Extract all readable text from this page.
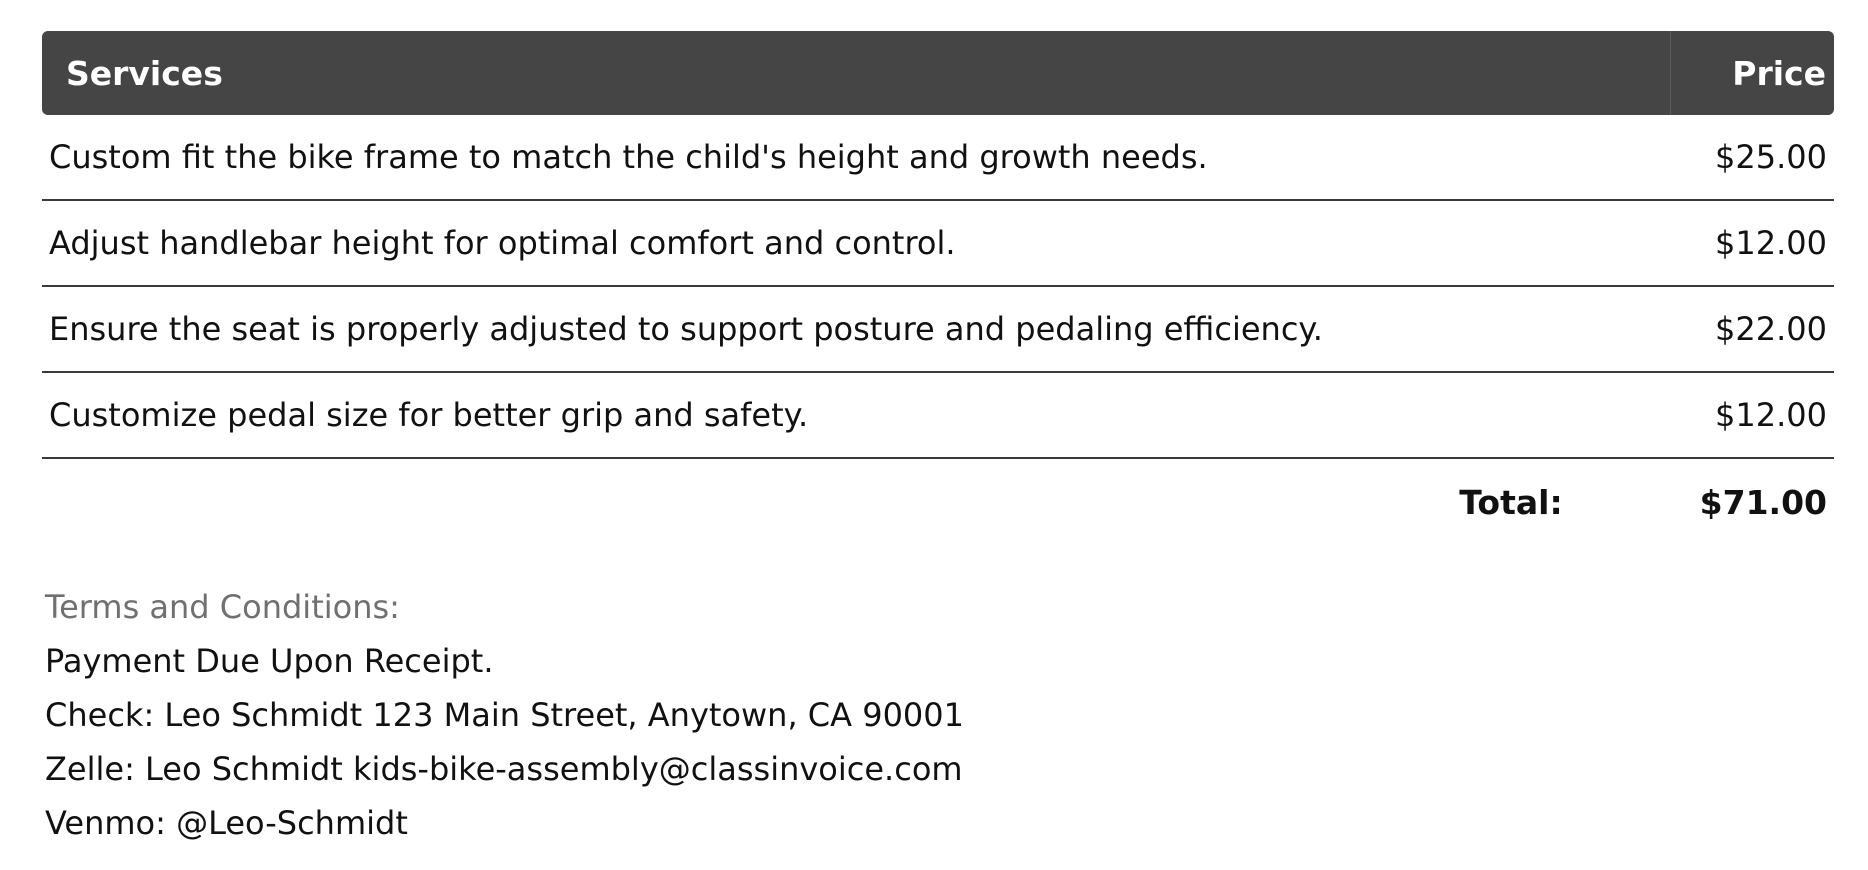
Services	Price
Custom fit the bike frame to match the child's height and growth needs.	$25.00
Adjust handlebar height for optimal comfort and control.	$12.00
Ensure the seat is properly adjusted to support posture and pedaling efficiency.	$22.00
Customize pedal size for better grip and safety.	$12.00
Total:	$71.00
Terms and Conditions:
Payment Due Upon Receipt.
Check: Leo Schmidt 123 Main Street, Anytown, CA 90001
Zelle: Leo Schmidt kids-bike-assembly@classinvoice.com
Venmo: @Leo-Schmidt
